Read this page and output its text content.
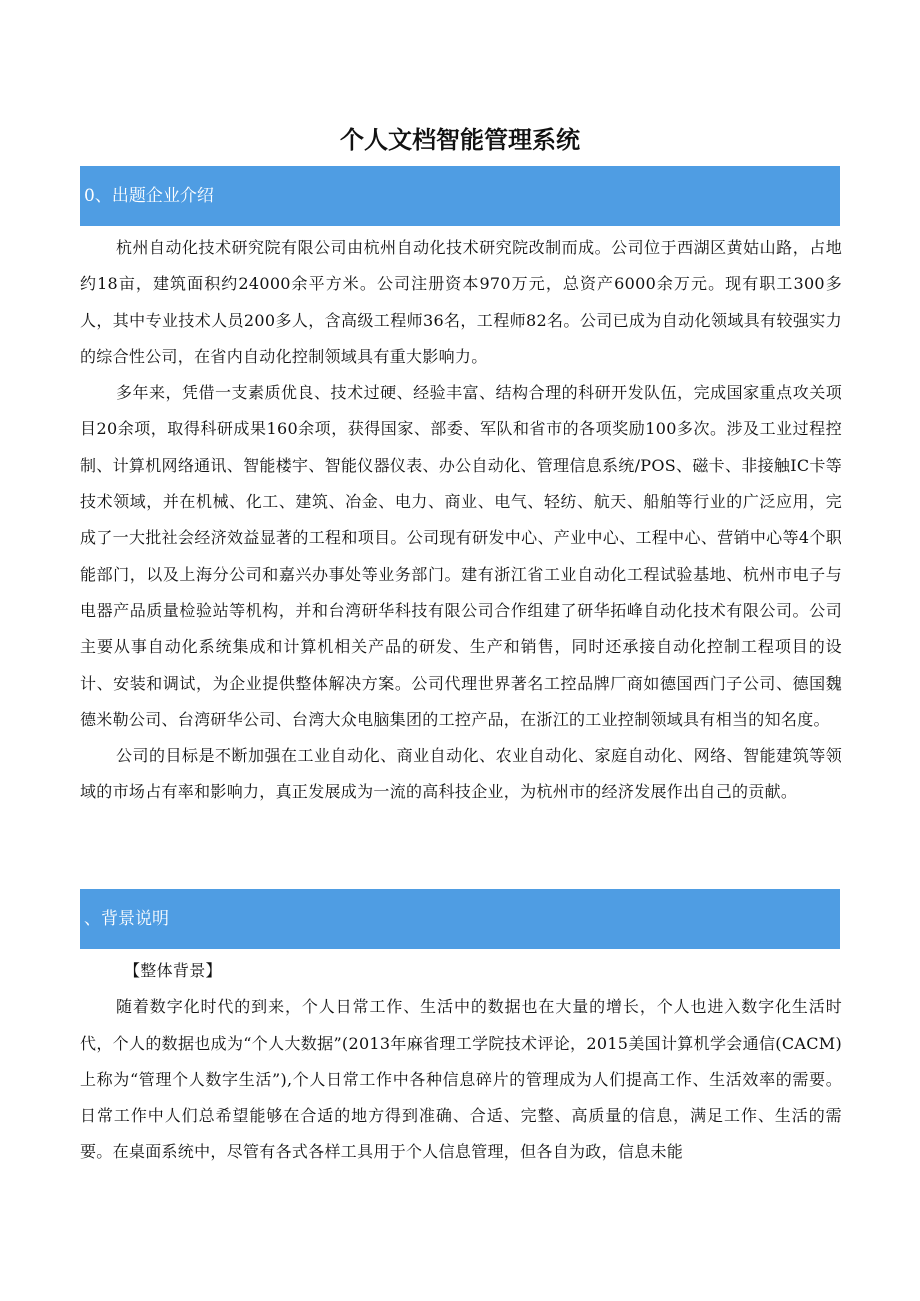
个人文档智能管理系统
0、出题企业介绍

杭州自动化技术研究院有限公司由杭州自动化技术研究院改制而成。公司位于西湖区黄姑山路，占地约18亩，建筑面积约24000余平方米。公司注册资本970万元，总资产6000余万元。现有职工300多人，其中专业技术人员200多人，含高级工程师36名，工程师82名。公司已成为自动化领域具有较强实力的综合性公司，在省内自动化控制领域具有重大影响力。

多年来，凭借一支素质优良、技术过硬、经验丰富、结构合理的科研开发队伍，完成国家重点攻关项目20余项，取得科研成果160余项，获得国家、部委、军队和省市的各项奖励100多次。涉及工业过程控制、计算机网络通讯、智能楼宇、智能仪器仪表、办公自动化、管理信息系统/POS、磁卡、非接触IC卡等技术领域，并在机械、化工、建筑、冶金、电力、商业、电气、轻纺、航天、船舶等行业的广泛应用，完成了一大批社会经济效益显著的工程和项目。公司现有研发中心、产业中心、工程中心、营销中心等4个职能部门，以及上海分公司和嘉兴办事处等业务部门。建有浙江省工业自动化工程试验基地、杭州市电子与电器产品质量检验站等机构，并和台湾研华科技有限公司合作组建了研华拓峰自动化技术有限公司。公司主要从事自动化系统集成和计算机相关产品的研发、生产和销售，同时还承接自动化控制工程项目的设计、安装和调试，为企业提供整体解决方案。公司代理世界著名工控品牌厂商如德国西门子公司、德国魏德米勒公司、台湾研华公司、台湾大众电脑集团的工控产品，在浙江的工业控制领域具有相当的知名度。

公司的目标是不断加强在工业自动化、商业自动化、农业自动化、家庭自动化、网络、智能建筑等领域的市场占有率和影响力，真正发展成为一流的高科技企业，为杭州市的经济发展作出自己的贡献。

、背景说明

【整体背景】

随着数字化时代的到来，个人日常工作、生活中的数据也在大量的增长，个人也进入数字化生活时代，个人的数据也成为“个人大数据”(2013年麻省理工学院技术评论，2015美国计算机学会通信(CACM)上称为“管理个人数字生活”),个人日常工作中各种信息碎片的管理成为人们提高工作、生活效率的需要。日常工作中人们总希望能够在合适的地方得到准确、合适、完整、高质量的信息，满足工作、生活的需要。在桌面系统中，尽管有各式各样工具用于个人信息管理，但各自为政，信息未能
